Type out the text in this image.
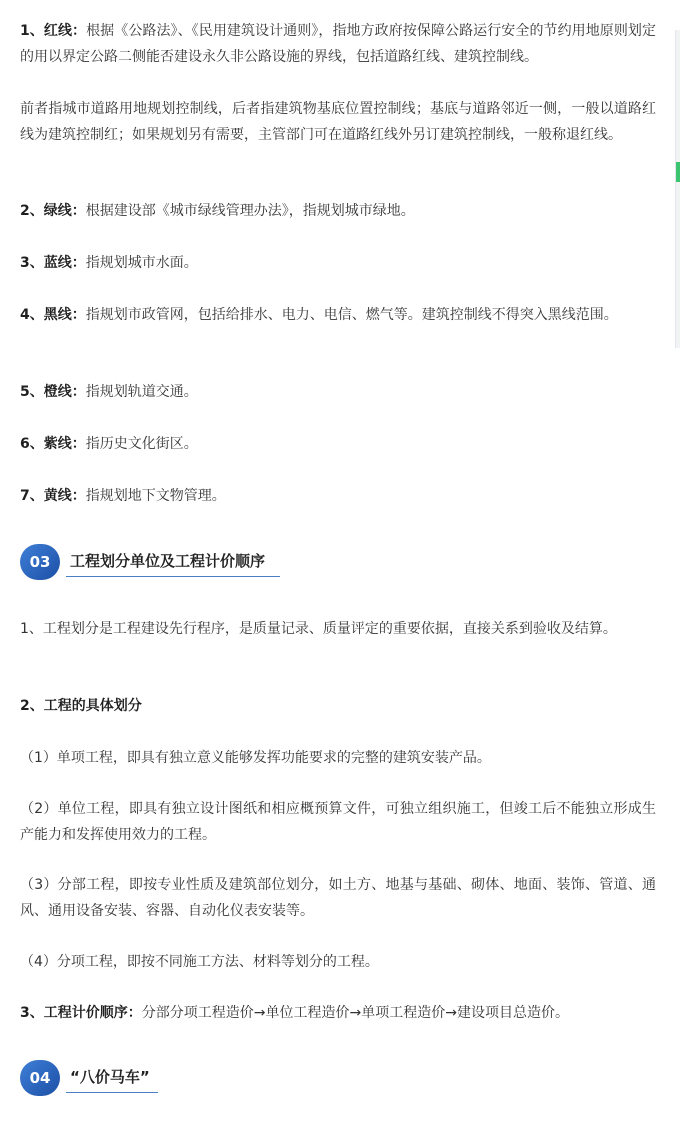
1、红线：根据《公路法》、《民用建筑设计通则》，指地方政府按保障公路运行安全的节约用地原则划定的用以界定公路二侧能否建设永久非公路设施的界线，包括道路红线、建筑控制线。

前者指城市道路用地规划控制线，后者指建筑物基底位置控制线；基底与道路邻近一侧，一般以道路红线为建筑控制红；如果规划另有需要，主管部门可在道路红线外另订建筑控制线，一般称退红线。

2、绿线：根据建设部《城市绿线管理办法》，指规划城市绿地。

3、蓝线：指规划城市水面。

4、黑线：指规划市政管网，包括给排水、电力、电信、燃气等。建筑控制线不得突入黑线范围。

5、橙线：指规划轨道交通。

6、紫线：指历史文化街区。

7、黄线：指规划地下文物管理。

03	工程划分单位及工程计价顺序

1、工程划分是工程建设先行程序，是质量记录、质量评定的重要依据，直接关系到验收及结算。

2、工程的具体划分

（1）单项工程，即具有独立意义能够发挥功能要求的完整的建筑安装产品。

（2）单位工程，即具有独立设计图纸和相应概预算文件，可独立组织施工，但竣工后不能独立形成生产能力和发挥使用效力的工程。

（3）分部工程，即按专业性质及建筑部位划分，如土方、地基与基础、砌体、地面、装饰、管道、通风、通用设备安装、容器、自动化仪表安装等。

（4）分项工程，即按不同施工方法、材料等划分的工程。

3、工程计价顺序：分部分项工程造价→单位工程造价→单项工程造价→建设项目总造价。

04	“八价马车”
